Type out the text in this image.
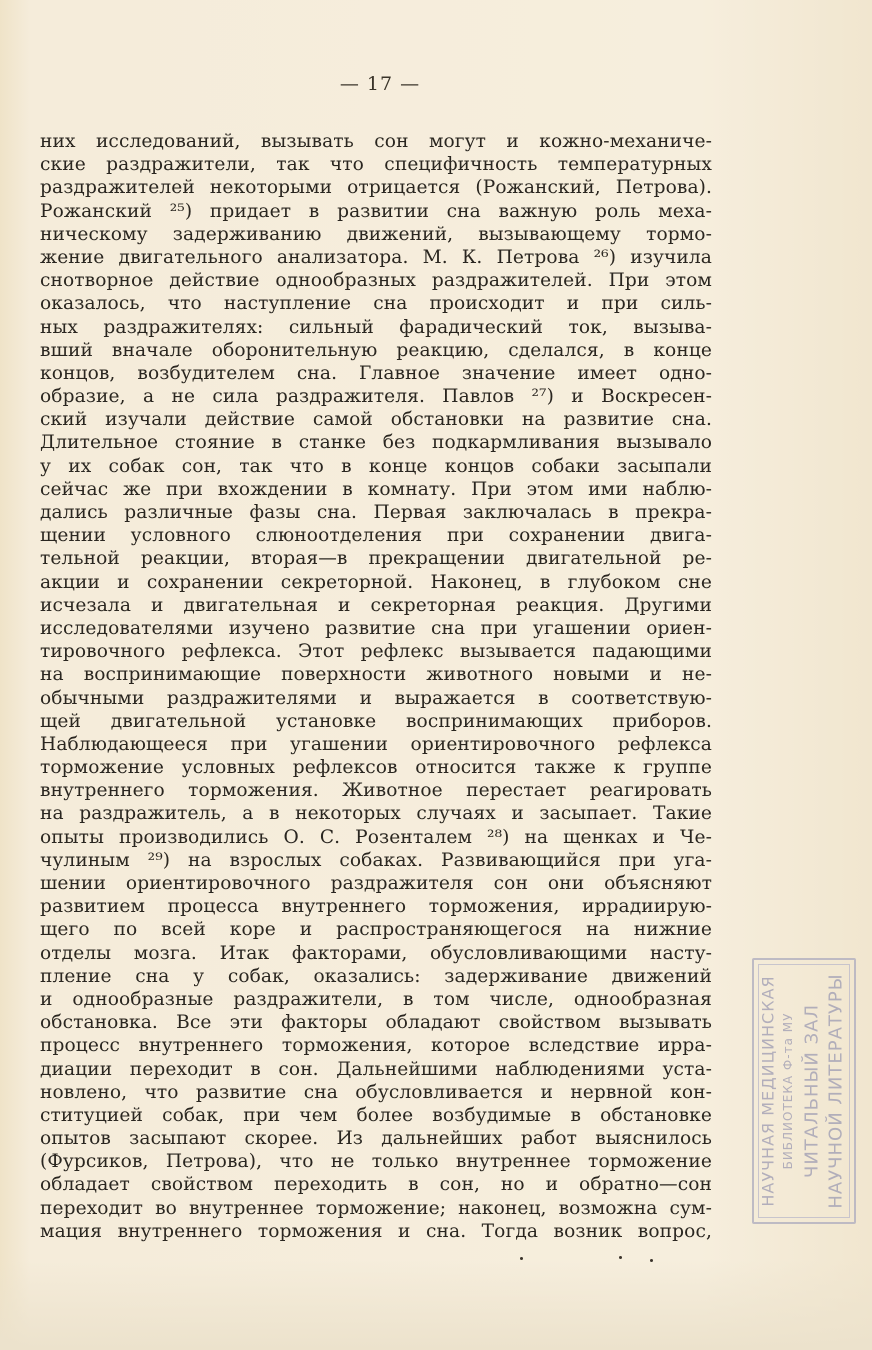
— 17 —
них исследований, вызывать сон могут и кожно-механиче-
ские раздражители, так что специфичность температурных
раздражителей некоторыми отрицается (Рожанский, Петрова).
Рожанский ²⁵) придает в развитии сна важную роль меха-
ническому задерживанию движений, вызывающему тормо-
жение двигательного анализатора. М. К. Петрова ²⁶) изучила
снотворное действие однообразных раздражителей. При этом
оказалось, что наступление сна происходит и при силь-
ных раздражителях: сильный фарадический ток, вызыва-
вший вначале оборонительную реакцию, сделался, в конце
концов, возбудителем сна. Главное значение имеет одно-
образие, а не сила раздражителя. Павлов ²⁷) и Воскресен-
ский изучали действие самой обстановки на развитие сна.
Длительное стояние в станке без подкармливания вызывало
у их собак сон, так что в конце концов собаки засыпали
сейчас же при вхождении в комнату. При этом ими наблю-
дались различные фазы сна. Первая заключалась в прекра-
щении условного слюноотделения при сохранении двига-
тельной реакции, вторая—в прекращении двигательной ре-
акции и сохранении секреторной. Наконец, в глубоком сне
исчезала и двигательная и секреторная реакция. Другими
исследователями изучено развитие сна при угашении ориен-
тировочного рефлекса. Этот рефлекс вызывается падающими
на воспринимающие поверхности животного новыми и не-
обычными раздражителями и выражается в соответствую-
щей двигательной установке воспринимающих приборов.
Наблюдающееся при угашении ориентировочного рефлекса
торможение условных рефлексов относится также к группе
внутреннего торможения. Животное перестает реагировать
на раздражитель, а в некоторых случаях и засыпает. Такие
опыты производились О. С. Розенталем ²⁸) на щенках и Че-
чулиным ²⁹) на взрослых собаках. Развивающийся при уга-
шении ориентировочного раздражителя сон они объясняют
развитием процесса внутреннего торможения, иррадиирую-
щего по всей коре и распространяющегося на нижние
отделы мозга. Итак факторами, обусловливающими насту-
пление сна у собак, оказались: задерживание движений
и однообразные раздражители, в том числе, однообразная
обстановка. Все эти факторы обладают свойством вызывать
процесс внутреннего торможения, которое вследствие ирра-
диации переходит в сон. Дальнейшими наблюдениями уста-
новлено, что развитие сна обусловливается и нервной кон-
ституцией собак, при чем более возбудимые в обстановке
опытов засыпают скорее. Из дальнейших работ выяснилось
(Фурсиков, Петрова), что не только внутреннее торможение
обладает свойством переходить в сон, но и обратно—сон
переходит во внутреннее торможение; наконец, возможна сум-
мация внутреннего торможения и сна. Тогда возник вопрос,
НАУЧНАЯ МЕДИЦИНСКАЯ БИБЛИОТЕКА Ф-та МУ ЧИТАЛЬНЫЙ ЗАЛ НАУЧНОЙ ЛИТЕРАТУРЫ
